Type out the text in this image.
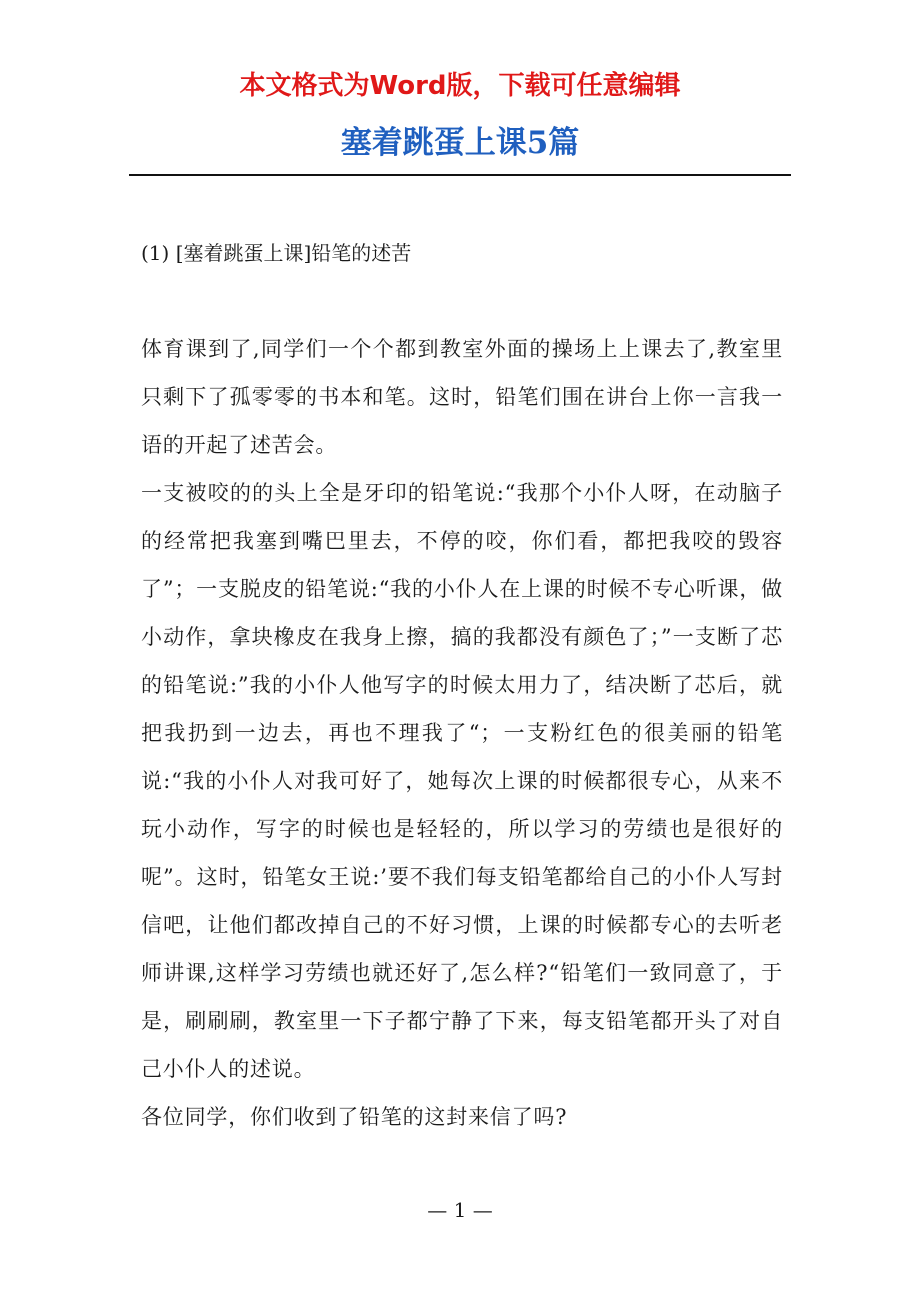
本文格式为Word版，下载可任意编辑
塞着跳蛋上课5篇
(1) [塞着跳蛋上课]铅笔的述苦

体育课到了,同学们一个个都到教室外面的操场上上课去了,教室里只剩下了孤零零的书本和笔。这时，铅笔们围在讲台上你一言我一语的开起了述苦会。

一支被咬的的头上全是牙印的铅笔说:“我那个小仆人呀，在动脑子的经常把我塞到嘴巴里去，不停的咬，你们看，都把我咬的毁容了”；一支脱皮的铅笔说:“我的小仆人在上课的时候不专心听课，做小动作，拿块橡皮在我身上擦，搞的我都没有颜色了；”一支断了芯的铅笔说:”我的小仆人他写字的时候太用力了，结决断了芯后，就把我扔到一边去，再也不理我了“；一支粉红色的很美丽的铅笔说:“我的小仆人对我可好了，她每次上课的时候都很专心，从来不玩小动作，写字的时候也是轻轻的，所以学习的劳绩也是很好的呢”。这时，铅笔女王说:’要不我们每支铅笔都给自己的小仆人写封信吧，让他们都改掉自己的不好习惯，上课的时候都专心的去听老师讲课,这样学习劳绩也就还好了,怎么样?“铅笔们一致同意了，于是，刷刷刷，教室里一下子都宁静了下来，每支铅笔都开头了对自己小仆人的述说。

各位同学，你们收到了铅笔的这封来信了吗?

— 1 —
